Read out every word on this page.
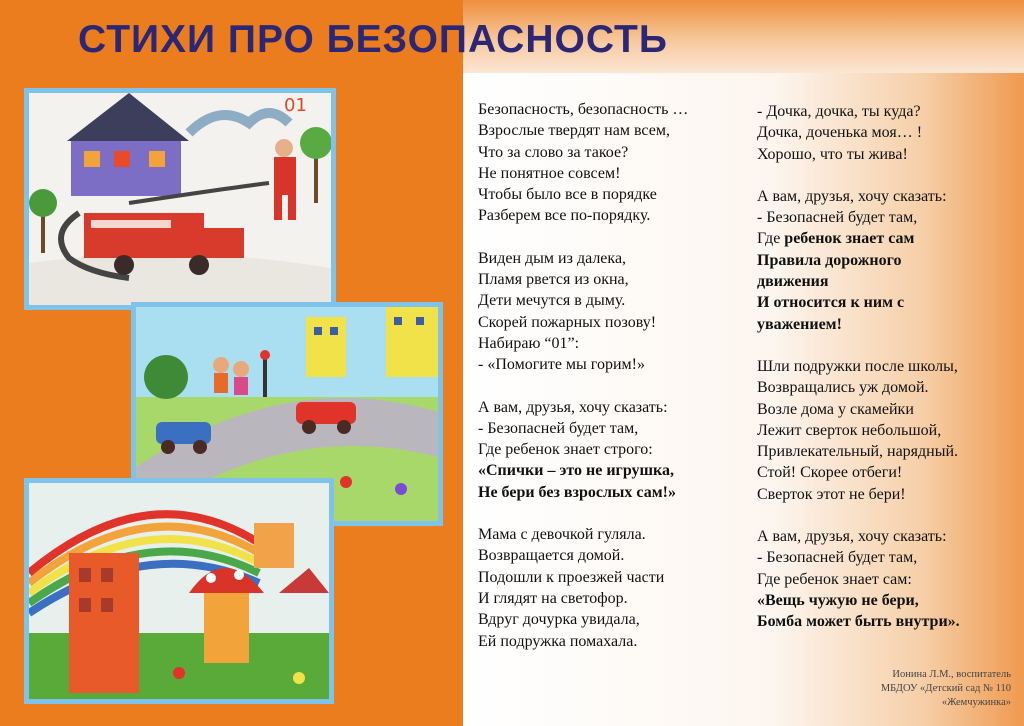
СТИХИ ПРО БЕЗОПАСНОСТЬ
01	Безопасность, безопасность …

Взрослые твердят нам всем,

Что за слово за такое?

Не понятное совсем!

Чтобы было все в порядке

Разберем все по-порядку.

Виден дым из далека,

Пламя рвется из окна,

Дети мечутся в дыму.

Скорей пожарных позову!

Набираю “01”:

- «Помогите мы горим!»

А вам, друзья, хочу сказать:

- Безопасней будет там,

Где ребенок знает строго:

«Спички – это не игрушка,

Не бери без взрослых сам!»

Мама с девочкой гуляла.

Возвращается домой.

Подошли к проезжей части

И глядят на светофор.

Вдруг дочурка увидала,

Ей подружка помахала.

- Дочка, дочка, ты куда?

Дочка, доченька моя… !

Хорошо, что ты жива!

А вам, друзья, хочу сказать:

- Безопасней будет там,

Где ребенок знает сам

Правила дорожного

движения

И относится к ним с

уважением!

Шли подружки после школы,

Возвращались уж домой.

Возле дома у скамейки

Лежит сверток небольшой,

Привлекательный, нарядный.

Стой! Скорее отбеги!

Сверток этот не бери!

А вам, друзья, хочу сказать:

- Безопасней будет там,

Где ребенок знает сам:

«Вещь чужую не бери,

Бомба может быть внутри».

Ионина Л.М., воспитатель

МБДОУ «Детский сад № 110

«Жемчужинка»
